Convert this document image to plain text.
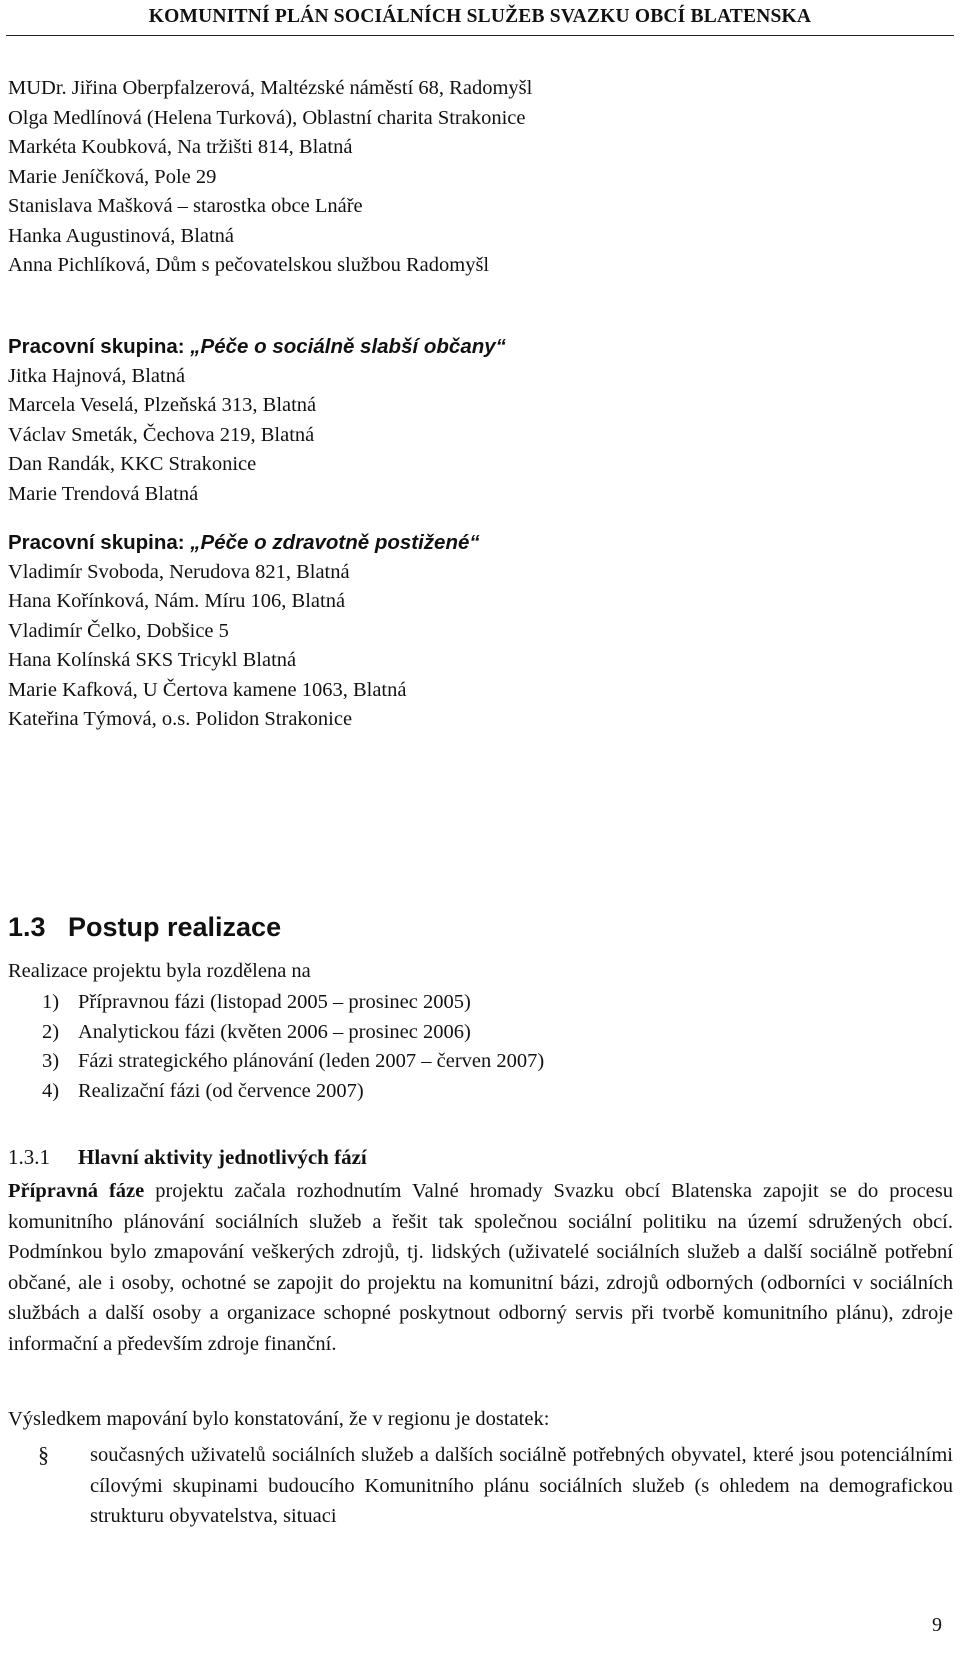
KOMUNITNÍ PLÁN SOCIÁLNÍCH SLUŽEB SVAZKU OBCÍ BLATENSKA
MUDr. Jiřina Oberpfalzerová, Maltézské náměstí 68, Radomyšl
Olga Medlínová (Helena Turková), Oblastní charita Strakonice
Markéta Koubková, Na tržišti 814, Blatná
Marie Jeníčková, Pole 29
Stanislava Mašková – starostka obce Lnáře
Hanka Augustinová, Blatná
Anna Pichlíková, Dům s pečovatelskou službou Radomyšl
Pracovní skupina: „Péče o sociálně slabší občany“
Jitka Hajnová, Blatná
Marcela Veselá, Plzeňská 313, Blatná
Václav Smeták, Čechova 219, Blatná
Dan Randák, KKC Strakonice
Marie Trendová Blatná
Pracovní skupina: „Péče o zdravotně postižené“
Vladimír Svoboda, Nerudova 821, Blatná
Hana Kořínková, Nám. Míru 106, Blatná
Vladimír Čelko, Dobšice 5
Hana Kolínská SKS Tricykl Blatná
Marie Kafková, U Čertova kamene 1063, Blatná
Kateřina Týmová, o.s. Polidon Strakonice
1.3 Postup realizace
Realizace projektu byla rozdělena na
1) Přípravnou fázi (listopad 2005 – prosinec 2005)
2) Analytickou fázi (květen 2006 – prosinec 2006)
3) Fázi strategického plánování (leden 2007 – červen 2007)
4) Realizační fázi (od července 2007)
1.3.1 Hlavní aktivity jednotlivých fází
Přípravná fáze projektu začala rozhodnutím Valné hromady Svazku obcí Blatenska zapojit se do procesu komunitního plánování sociálních služeb a řešit tak společnou sociální politiku na území sdružených obcí. Podmínkou bylo zmapování veškerých zdrojů, tj. lidských (uživatelé sociálních služeb a další sociálně potřební občané, ale i osoby, ochotné se zapojit do projektu na komunitní bázi, zdrojů odborných (odborníci v sociálních službách a další osoby a organizace schopné poskytnout odborný servis při tvorbě komunitního plánu), zdroje informační a především zdroje finanční.
Výsledkem mapování bylo konstatování, že v regionu je dostatek:
§ současných uživatelů sociálních služeb a dalších sociálně potřebných obyvatel, které jsou potenciálními cílovými skupinami budoucího Komunitního plánu sociálních služeb (s ohledem na demografickou strukturu obyvatelstva, situaci
9
